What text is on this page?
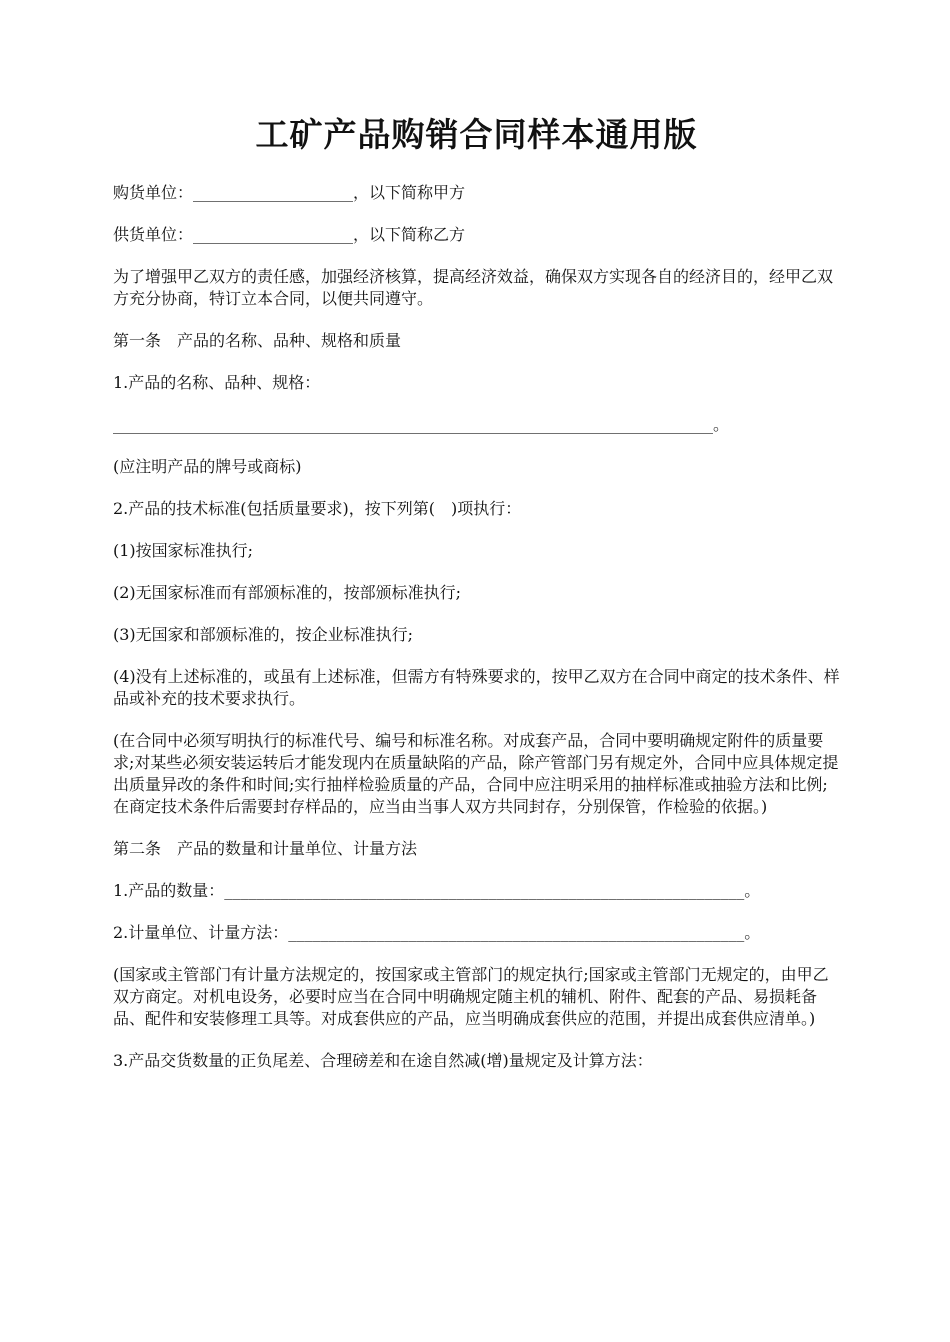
工矿产品购销合同样本通用版

购货单位：____________________，以下简称甲方

供货单位：____________________，以下简称乙方

为了增强甲乙双方的责任感，加强经济核算，提高经济效益，确保双方实现各自的经济目的，经甲乙双方充分协商，特订立本合同，以便共同遵守。

第一条　产品的名称、品种、规格和质量

1.产品的名称、品种、规格：

___________________________________________________________________________。

(应注明产品的牌号或商标)

2.产品的技术标准(包括质量要求)，按下列第(　)项执行：

(1)按国家标准执行;

(2)无国家标准而有部颁标准的，按部颁标准执行;

(3)无国家和部颁标准的，按企业标准执行;

(4)没有上述标准的，或虽有上述标准，但需方有特殊要求的，按甲乙双方在合同中商定的技术条件、样品或补充的技术要求执行。

(在合同中必须写明执行的标准代号、编号和标准名称。对成套产品，合同中要明确规定附件的质量要求;对某些必须安装运转后才能发现内在质量缺陷的产品，除产管部门另有规定外，合同中应具体规定提出质量异改的条件和时间;实行抽样检验质量的产品，合同中应注明采用的抽样标准或抽验方法和比例;在商定技术条件后需要封存样品的，应当由当事人双方共同封存，分别保管，作检验的依据。)

第二条　产品的数量和计量单位、计量方法

1.产品的数量：_________________________________________________________________。

2.计量单位、计量方法：_________________________________________________________。

(国家或主管部门有计量方法规定的，按国家或主管部门的规定执行;国家或主管部门无规定的，由甲乙双方商定。对机电设务，必要时应当在合同中明确规定随主机的辅机、附件、配套的产品、易损耗备品、配件和安装修理工具等。对成套供应的产品，应当明确成套供应的范围，并提出成套供应清单。)

3.产品交货数量的正负尾差、合理磅差和在途自然减(增)量规定及计算方法：
